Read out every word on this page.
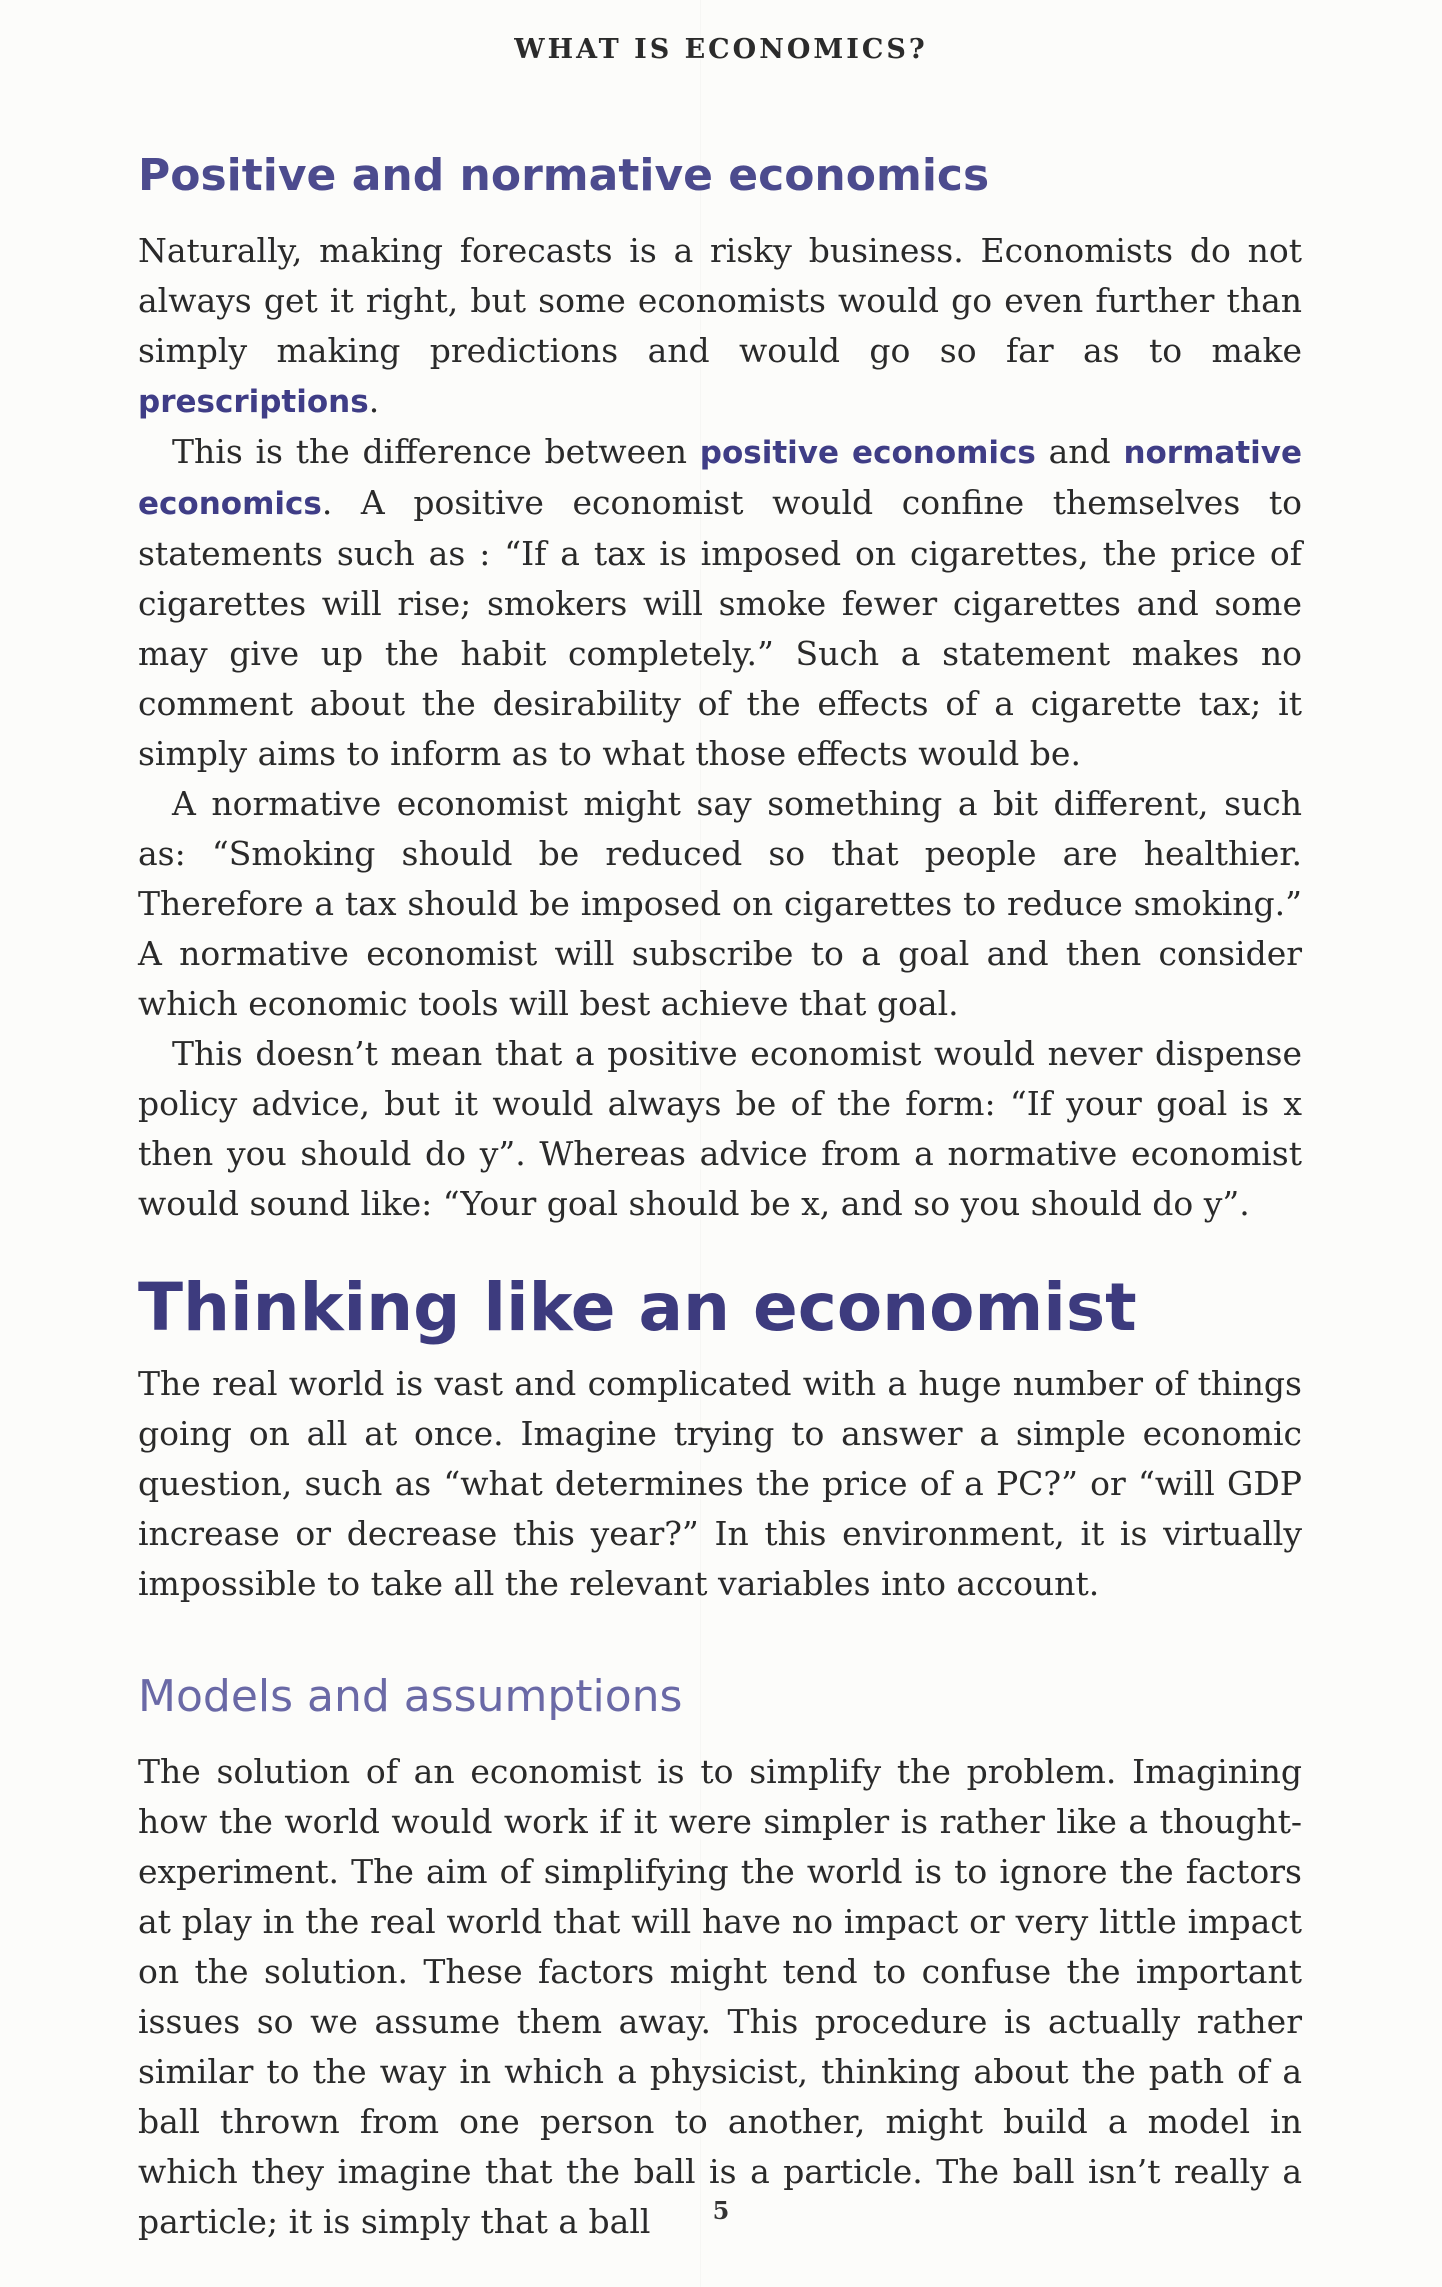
WHAT IS ECONOMICS?
Positive and normative economics

Naturally, making forecasts is a risky business. Economists do not always get it right, but some economists would go even further than simply making predictions and would go so far as to make prescriptions.

This is the difference between positive economics and normative economics. A positive economist would confine themselves to statements such as : “If a tax is imposed on cigarettes, the price of cigarettes will rise; smokers will smoke fewer cigarettes and some may give up the habit completely.” Such a statement makes no comment about the desirability of the effects of a cigarette tax; it simply aims to inform as to what those effects would be.

A normative economist might say something a bit different, such as: “Smoking should be reduced so that people are healthier. Therefore a tax should be imposed on cigarettes to reduce smoking.” A normative economist will subscribe to a goal and then consider which economic tools will best achieve that goal.

This doesn’t mean that a positive economist would never dispense policy advice, but it would always be of the form: “If your goal is x then you should do y”. Whereas advice from a normative economist would sound like: “Your goal should be x, and so you should do y”.

Thinking like an economist

The real world is vast and complicated with a huge number of things going on all at once. Imagine trying to answer a simple economic question, such as “what determines the price of a PC?” or “will GDP increase or decrease this year?” In this environment, it is virtually impossible to take all the relevant variables into account.

Models and assumptions

The solution of an economist is to simplify the problem. Imagining how the world would work if it were simpler is rather like a thought-experiment. The aim of simplifying the world is to ignore the factors at play in the real world that will have no impact or very little impact on the solution. These factors might tend to confuse the important issues so we assume them away. This procedure is actually rather similar to the way in which a physicist, thinking about the path of a ball thrown from one person to another, might build a model in which they imagine that the ball is a particle. The ball isn’t really a particle; it is simply that a ball	5
